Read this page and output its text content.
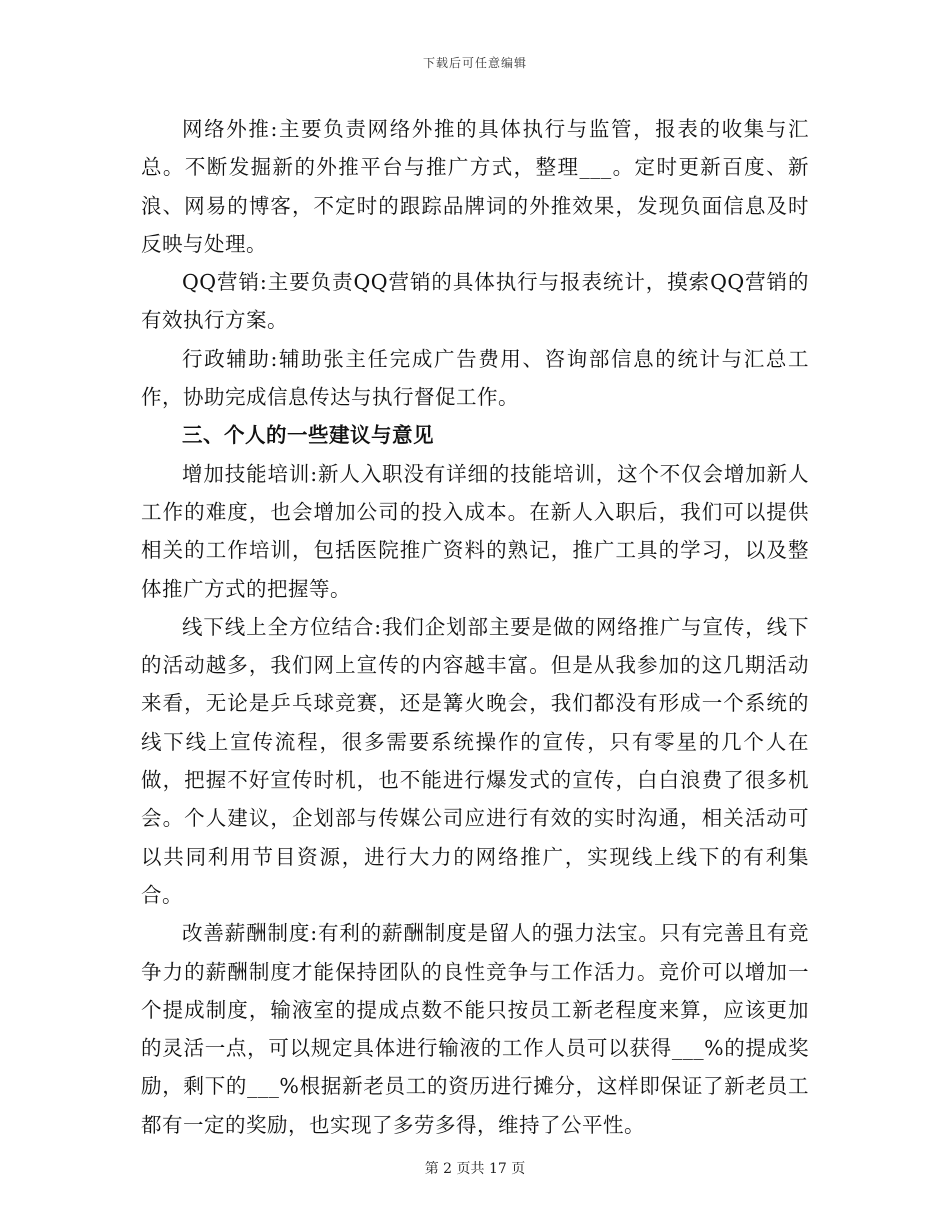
下载后可任意编辑

网络外推:主要负责网络外推的具体执行与监管，报表的收集与汇总。不断发掘新的外推平台与推广方式，整理___。定时更新百度、新浪、网易的博客，不定时的跟踪品牌词的外推效果，发现负面信息及时反映与处理。

QQ营销:主要负责QQ营销的具体执行与报表统计，摸索QQ营销的有效执行方案。

行政辅助:辅助张主任完成广告费用、咨询部信息的统计与汇总工作，协助完成信息传达与执行督促工作。

三、个人的一些建议与意见

增加技能培训:新人入职没有详细的技能培训，这个不仅会增加新人工作的难度，也会增加公司的投入成本。在新人入职后，我们可以提供相关的工作培训，包括医院推广资料的熟记，推广工具的学习，以及整体推广方式的把握等。

线下线上全方位结合:我们企划部主要是做的网络推广与宣传，线下的活动越多，我们网上宣传的内容越丰富。但是从我参加的这几期活动来看，无论是乒乓球竞赛，还是篝火晚会，我们都没有形成一个系统的线下线上宣传流程，很多需要系统操作的宣传，只有零星的几个人在做，把握不好宣传时机，也不能进行爆发式的宣传，白白浪费了很多机会。个人建议，企划部与传媒公司应进行有效的实时沟通，相关活动可以共同利用节目资源，进行大力的网络推广，实现线上线下的有利集合。

改善薪酬制度:有利的薪酬制度是留人的强力法宝。只有完善且有竞争力的薪酬制度才能保持团队的良性竞争与工作活力。竞价可以增加一个提成制度，输液室的提成点数不能只按员工新老程度来算，应该更加的灵活一点，可以规定具体进行输液的工作人员可以获得___%的提成奖励，剩下的___%根据新老员工的资历进行摊分，这样即保证了新老员工都有一定的奖励，也实现了多劳多得，维持了公平性。

第 2 页共 17 页
